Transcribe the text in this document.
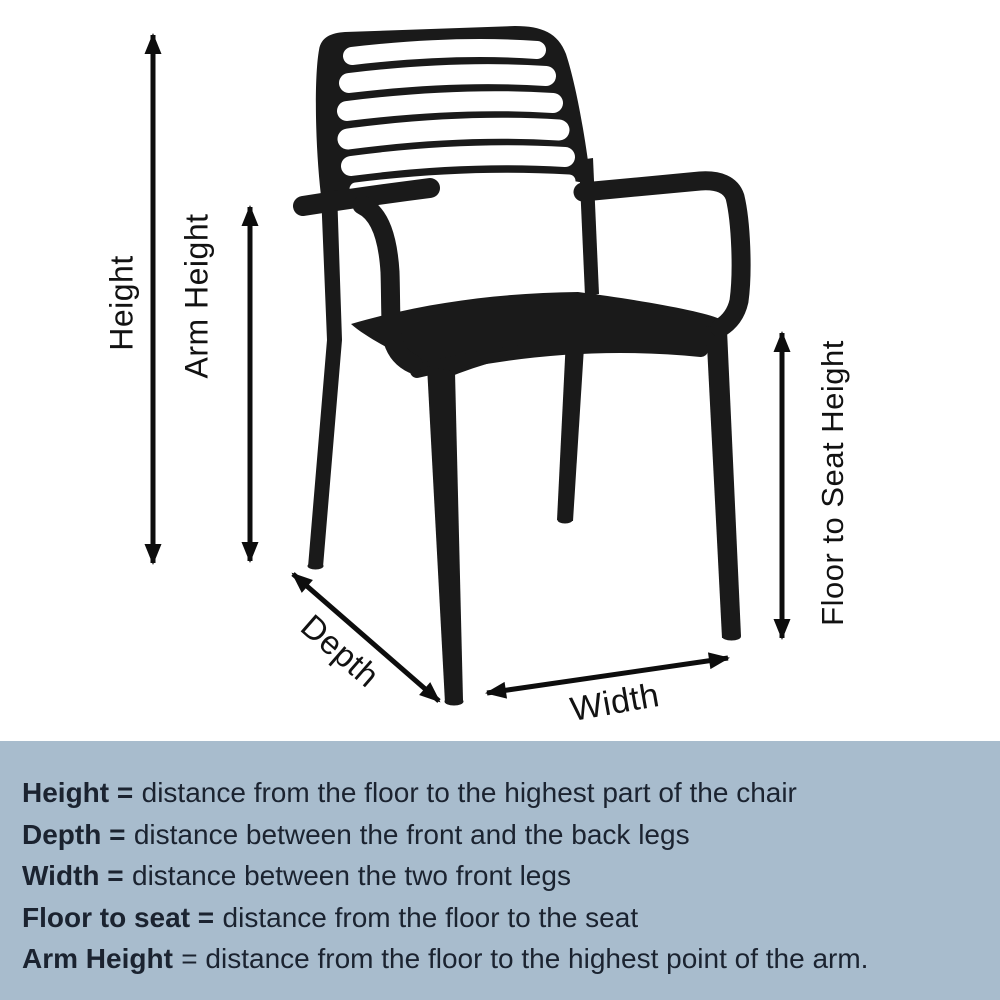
Height Arm Height
Floor to Seat Height
Depth
Width
Height = distance from the floor to the highest part of the chair
Depth = distance between the front and the back legs
Width = distance between the two front legs
Floor to seat = distance from the floor to the seat
Arm Height = distance from the floor to the highest point of the arm.
